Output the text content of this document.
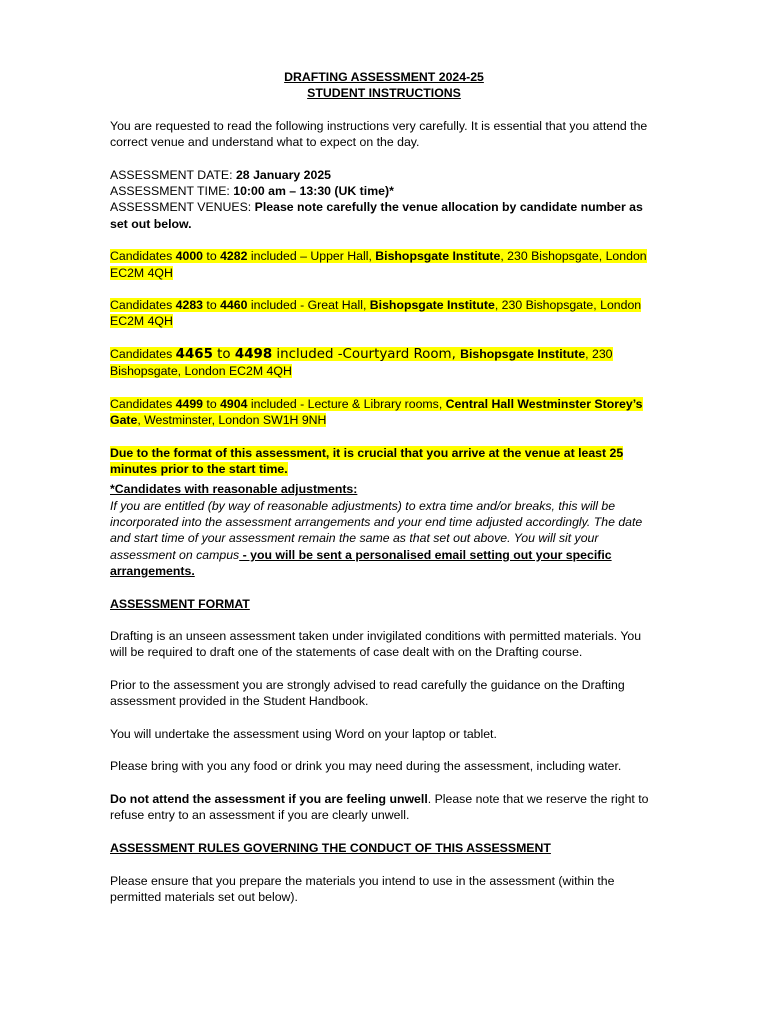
DRAFTING ASSESSMENT 2024-25

STUDENT INSTRUCTIONS

You are requested to read the following instructions very carefully. It is essential that you attend the correct venue and understand what to expect on the day.

ASSESSMENT DATE: 28 January 2025

ASSESSMENT TIME: 10:00 am – 13:30 (UK time)*

ASSESSMENT VENUES: Please note carefully the venue allocation by candidate number as set out below.

Candidates 4000 to 4282 included – Upper Hall, Bishopsgate Institute, 230 Bishopsgate, London EC2M 4QH

Candidates 4283 to 4460 included - Great Hall, Bishopsgate Institute, 230 Bishopsgate, London EC2M 4QH

Candidates 4465 to 4498 included -Courtyard Room, Bishopsgate Institute, 230 Bishopsgate, London EC2M 4QH

Candidates 4499 to 4904 included - Lecture & Library rooms, Central Hall Westminster Storey’s Gate, Westminster, London SW1H 9NH

Due to the format of this assessment, it is crucial that you arrive at the venue at least 25 minutes prior to the start time.

*Candidates with reasonable adjustments:

If you are entitled (by way of reasonable adjustments) to extra time and/or breaks, this will be incorporated into the assessment arrangements and your end time adjusted accordingly. The date and start time of your assessment remain the same as that set out above. You will sit your assessment on campus - you will be sent a personalised email setting out your specific arrangements.

ASSESSMENT FORMAT

Drafting is an unseen assessment taken under invigilated conditions with permitted materials. You will be required to draft one of the statements of case dealt with on the Drafting course.

Prior to the assessment you are strongly advised to read carefully the guidance on the Drafting assessment provided in the Student Handbook.

You will undertake the assessment using Word on your laptop or tablet.

Please bring with you any food or drink you may need during the assessment, including water.

Do not attend the assessment if you are feeling unwell. Please note that we reserve the right to refuse entry to an assessment if you are clearly unwell.

ASSESSMENT RULES GOVERNING THE CONDUCT OF THIS ASSESSMENT

Please ensure that you prepare the materials you intend to use in the assessment (within the permitted materials set out below).
